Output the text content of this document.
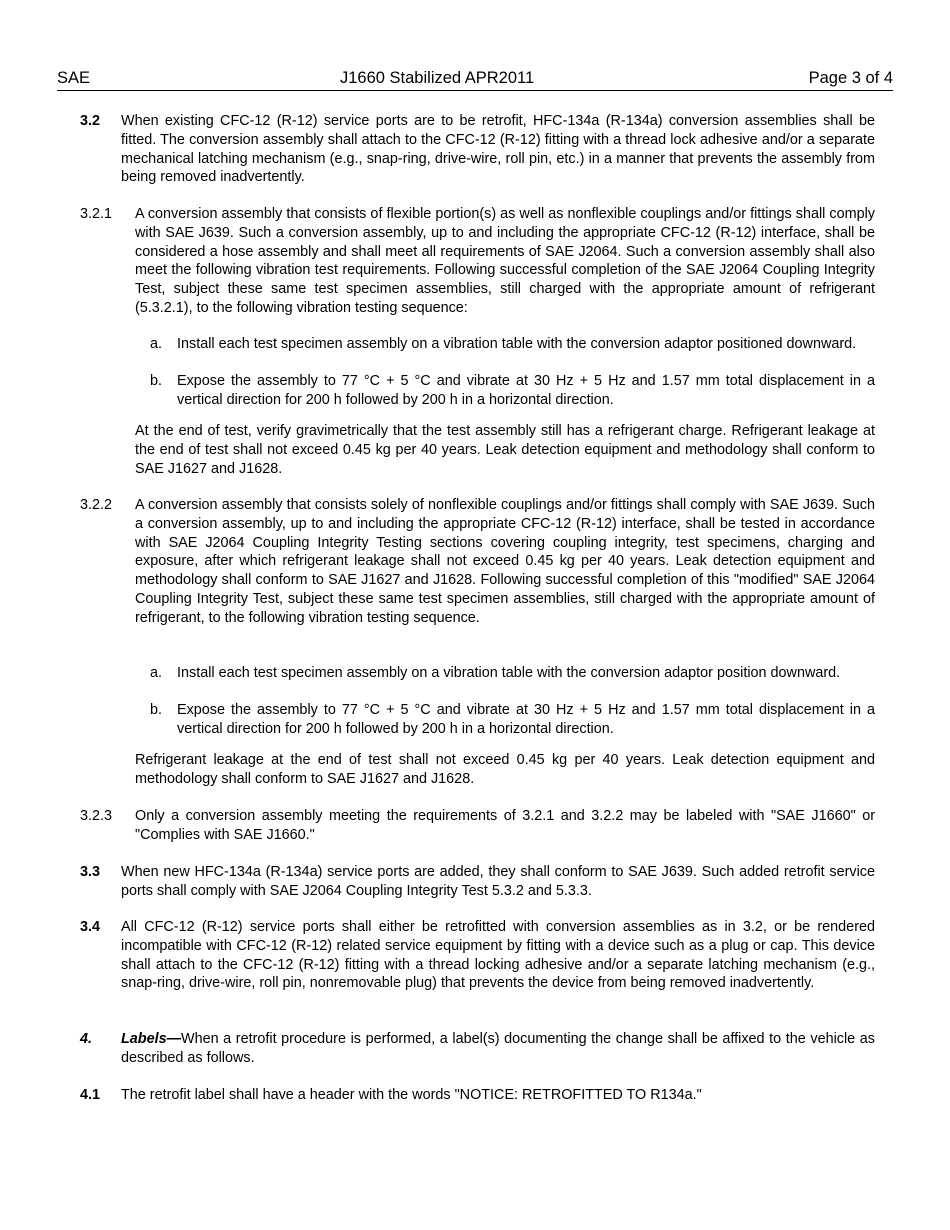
SAE	J1660 Stabilized APR2011	Page 3 of 4
3.2 When existing CFC-12 (R-12) service ports are to be retrofit, HFC-134a (R-134a) conversion assemblies shall be fitted. The conversion assembly shall attach to the CFC-12 (R-12) fitting with a thread lock adhesive and/or a separate mechanical latching mechanism (e.g., snap-ring, drive-wire, roll pin, etc.) in a manner that prevents the assembly from being removed inadvertently.
3.2.1 A conversion assembly that consists of flexible portion(s) as well as nonflexible couplings and/or fittings shall comply with SAE J639. Such a conversion assembly, up to and including the appropriate CFC-12 (R-12) interface, shall be considered a hose assembly and shall meet all requirements of SAE J2064. Such a conversion assembly shall also meet the following vibration test requirements. Following successful completion of the SAE J2064 Coupling Integrity Test, subject these same test specimen assemblies, still charged with the appropriate amount of refrigerant (5.3.2.1), to the following vibration testing sequence:
a. Install each test specimen assembly on a vibration table with the conversion adaptor positioned downward.
b. Expose the assembly to 77 °C + 5 °C and vibrate at 30 Hz + 5 Hz and 1.57 mm total displacement in a vertical direction for 200 h followed by 200 h in a horizontal direction.
At the end of test, verify gravimetrically that the test assembly still has a refrigerant charge. Refrigerant leakage at the end of test shall not exceed 0.45 kg per 40 years. Leak detection equipment and methodology shall conform to SAE J1627 and J1628.
3.2.2 A conversion assembly that consists solely of nonflexible couplings and/or fittings shall comply with SAE J639. Such a conversion assembly, up to and including the appropriate CFC-12 (R-12) interface, shall be tested in accordance with SAE J2064 Coupling Integrity Testing sections covering coupling integrity, test specimens, charging and exposure, after which refrigerant leakage shall not exceed 0.45 kg per 40 years. Leak detection equipment and methodology shall conform to SAE J1627 and J1628. Following successful completion of this "modified" SAE J2064 Coupling Integrity Test, subject these same test specimen assemblies, still charged with the appropriate amount of refrigerant, to the following vibration testing sequence.
a. Install each test specimen assembly on a vibration table with the conversion adaptor position downward.
b. Expose the assembly to 77 °C + 5 °C and vibrate at 30 Hz + 5 Hz and 1.57 mm total displacement in a vertical direction for 200 h followed by 200 h in a horizontal direction.
Refrigerant leakage at the end of test shall not exceed 0.45 kg per 40 years. Leak detection equipment and methodology shall conform to SAE J1627 and J1628.
3.2.3 Only a conversion assembly meeting the requirements of 3.2.1 and 3.2.2 may be labeled with "SAE J1660" or "Complies with SAE J1660."
3.3 When new HFC-134a (R-134a) service ports are added, they shall conform to SAE J639. Such added retrofit service ports shall comply with SAE J2064 Coupling Integrity Test 5.3.2 and 5.3.3.
3.4 All CFC-12 (R-12) service ports shall either be retrofitted with conversion assemblies as in 3.2, or be rendered incompatible with CFC-12 (R-12) related service equipment by fitting with a device such as a plug or cap. This device shall attach to the CFC-12 (R-12) fitting with a thread locking adhesive and/or a separate latching mechanism (e.g., snap-ring, drive-wire, roll pin, nonremovable plug) that prevents the device from being removed inadvertently.
4. Labels—When a retrofit procedure is performed, a label(s) documenting the change shall be affixed to the vehicle as described as follows.
4.1 The retrofit label shall have a header with the words "NOTICE: RETROFITTED TO R134a."
